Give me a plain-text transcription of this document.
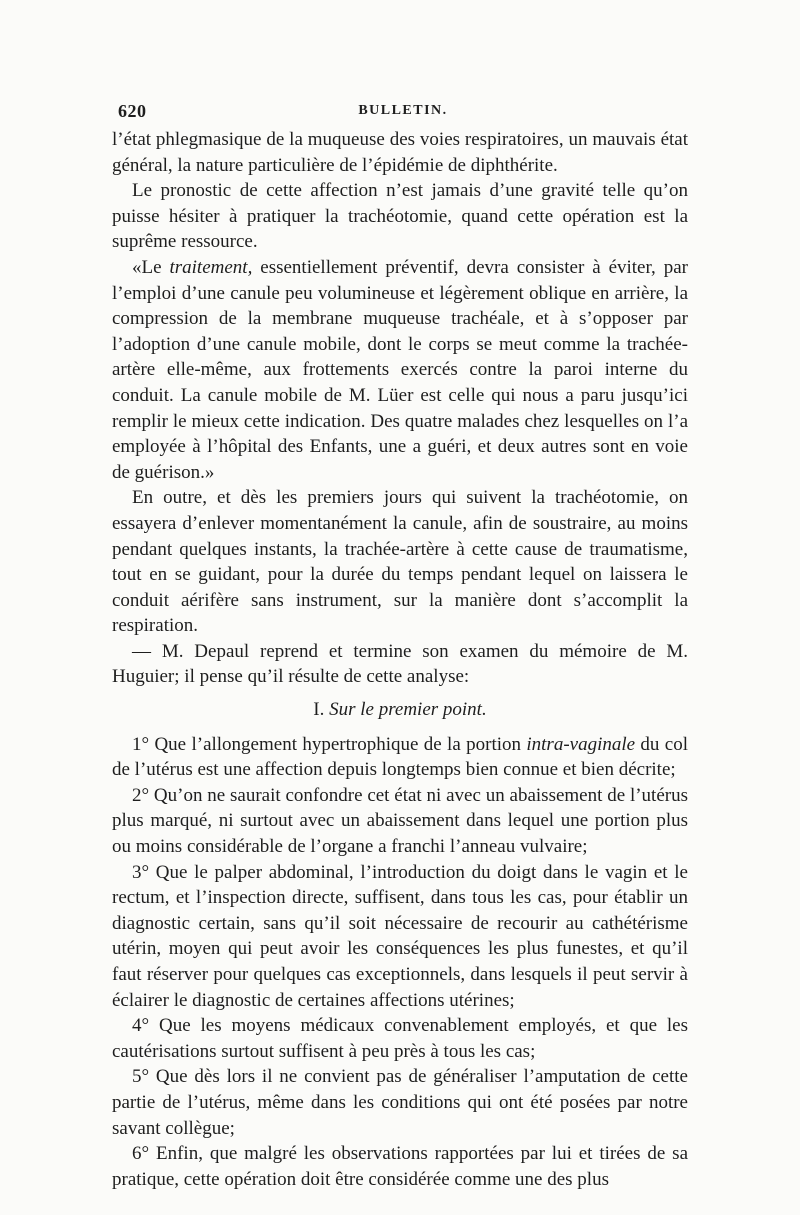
620	BULLETIN.

l’état phlegmasique de la muqueuse des voies respiratoires, un mauvais état général, la nature particulière de l’épidémie de diphthérite.

Le pronostic de cette affection n’est jamais d’une gravité telle qu’on puisse hésiter à pratiquer la trachéotomie, quand cette opération est la suprême ressource.

«Le traitement, essentiellement préventif, devra consister à éviter, par l’emploi d’une canule peu volumineuse et légèrement oblique en arrière, la compression de la membrane muqueuse trachéale, et à s’opposer par l’adoption d’une canule mobile, dont le corps se meut comme la trachée-artère elle-même, aux frottements exercés contre la paroi interne du conduit. La canule mobile de M. Lüer est celle qui nous a paru jusqu’ici remplir le mieux cette indication. Des quatre malades chez lesquelles on l’a employée à l’hôpital des Enfants, une a guéri, et deux autres sont en voie de guérison.»

En outre, et dès les premiers jours qui suivent la trachéotomie, on essayera d’enlever momentanément la canule, afin de soustraire, au moins pendant quelques instants, la trachée-artère à cette cause de traumatisme, tout en se guidant, pour la durée du temps pendant lequel on laissera le conduit aérifère sans instrument, sur la manière dont s’accomplit la respiration.

— M. Depaul reprend et termine son examen du mémoire de M. Huguier; il pense qu’il résulte de cette analyse:

I. Sur le premier point.

1° Que l’allongement hypertrophique de la portion intra-vaginale du col de l’utérus est une affection depuis longtemps bien connue et bien décrite;

2° Qu’on ne saurait confondre cet état ni avec un abaissement de l’utérus plus marqué, ni surtout avec un abaissement dans lequel une portion plus ou moins considérable de l’organe a franchi l’anneau vulvaire;

3° Que le palper abdominal, l’introduction du doigt dans le vagin et le rectum, et l’inspection directe, suffisent, dans tous les cas, pour établir un diagnostic certain, sans qu’il soit nécessaire de recourir au cathétérisme utérin, moyen qui peut avoir les conséquences les plus funestes, et qu’il faut réserver pour quelques cas exceptionnels, dans lesquels il peut servir à éclairer le diagnostic de certaines affections utérines;

4° Que les moyens médicaux convenablement employés, et que les cautérisations surtout suffisent à peu près à tous les cas;

5° Que dès lors il ne convient pas de généraliser l’amputation de cette partie de l’utérus, même dans les conditions qui ont été posées par notre savant collègue;

6° Enfin, que malgré les observations rapportées par lui et tirées de sa pratique, cette opération doit être considérée comme une des plus
